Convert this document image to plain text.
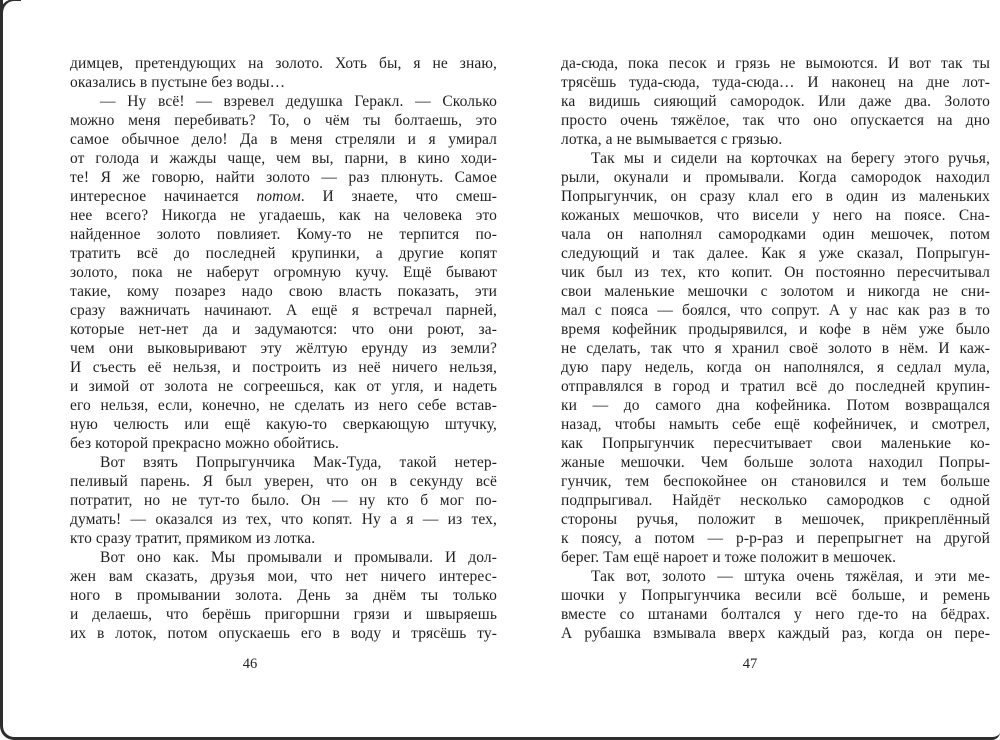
димцев, претендующих на золото. Хоть бы, я не знаю,
оказались в пустыне без воды…
— Ну всё! — взревел дедушка Геракл. — Сколько
можно меня перебивать? То, о чём ты болтаешь, это
самое обычное дело! Да в меня стреляли и я умирал
от голода и жажды чаще, чем вы, парни, в кино ходи-
те! Я же говорю, найти золото — раз плюнуть. Самое
интересное начинается потом. И знаете, что смеш-
нее всего? Никогда не угадаешь, как на человека это
найденное золото повлияет. Кому-то не терпится по-
тратить всё до последней крупинки, а другие копят
золото, пока не наберут огромную кучу. Ещё бывают
такие, кому позарез надо свою власть показать, эти
сразу важничать начинают. А ещё я встречал парней,
которые нет-нет да и задумаются: что они роют, за-
чем они выковыривают эту жёлтую ерунду из земли?
И съесть её нельзя, и построить из неё ничего нельзя,
и зимой от золота не согреешься, как от угля, и надеть
его нельзя, если, конечно, не сделать из него себе встав-
ную челюсть или ещё какую-то сверкающую штучку,
без которой прекрасно можно обойтись.
Вот взять Попрыгунчика Мак-Туда, такой нетер-
пеливый парень. Я был уверен, что он в секунду всё
потратит, но не тут-то было. Он — ну кто б мог по-
думать! — оказался из тех, что копят. Ну а я — из тех,
кто сразу тратит, прямиком из лотка.
Вот оно как. Мы промывали и промывали. И дол-
жен вам сказать, друзья мои, что нет ничего интерес-
ного в промывании золота. День за днём ты только
и делаешь, что берёшь пригоршни грязи и швыряешь
их в лоток, потом опускаешь его в воду и трясёшь ту-
46
да-сюда, пока песок и грязь не вымоются. И вот так ты
трясёшь туда-сюда, туда-сюда… И наконец на дне лот-
ка видишь сияющий самородок. Или даже два. Золото
просто очень тяжёлое, так что оно опускается на дно
лотка, а не вымывается с грязью.
Так мы и сидели на корточках на берегу этого ручья,
рыли, окунали и промывали. Когда самородок находил
Попрыгунчик, он сразу клал его в один из маленьких
кожаных мешочков, что висели у него на поясе. Сна-
чала он наполнял самородками один мешочек, потом
следующий и так далее. Как я уже сказал, Попрыгун-
чик был из тех, кто копит. Он постоянно пересчитывал
свои маленькие мешочки с золотом и никогда не сни-
мал с пояса — боялся, что сопрут. А у нас как раз в то
время кофейник продырявился, и кофе в нём уже было
не сделать, так что я хранил своё золото в нём. И каж-
дую пару недель, когда он наполнялся, я седлал мула,
отправлялся в город и тратил всё до последней крупин-
ки — до самого дна кофейника. Потом возвращался
назад, чтобы намыть себе ещё кофейничек, и смотрел,
как Попрыгунчик пересчитывает свои маленькие ко-
жаные мешочки. Чем больше золота находил Попры-
гунчик, тем беспокойнее он становился и тем больше
подпрыгивал. Найдёт несколько самородков с одной
стороны ручья, положит в мешочек, прикреплённый
к поясу, а потом — р-р-раз и перепрыгнет на другой
берег. Там ещё нароет и тоже положит в мешочек.
Так вот, золото — штука очень тяжёлая, и эти ме-
шочки у Попрыгунчика весили всё больше, и ремень
вместе со штанами болтался у него где-то на бёдрах.
А рубашка взмывала вверх каждый раз, когда он пере-
47
